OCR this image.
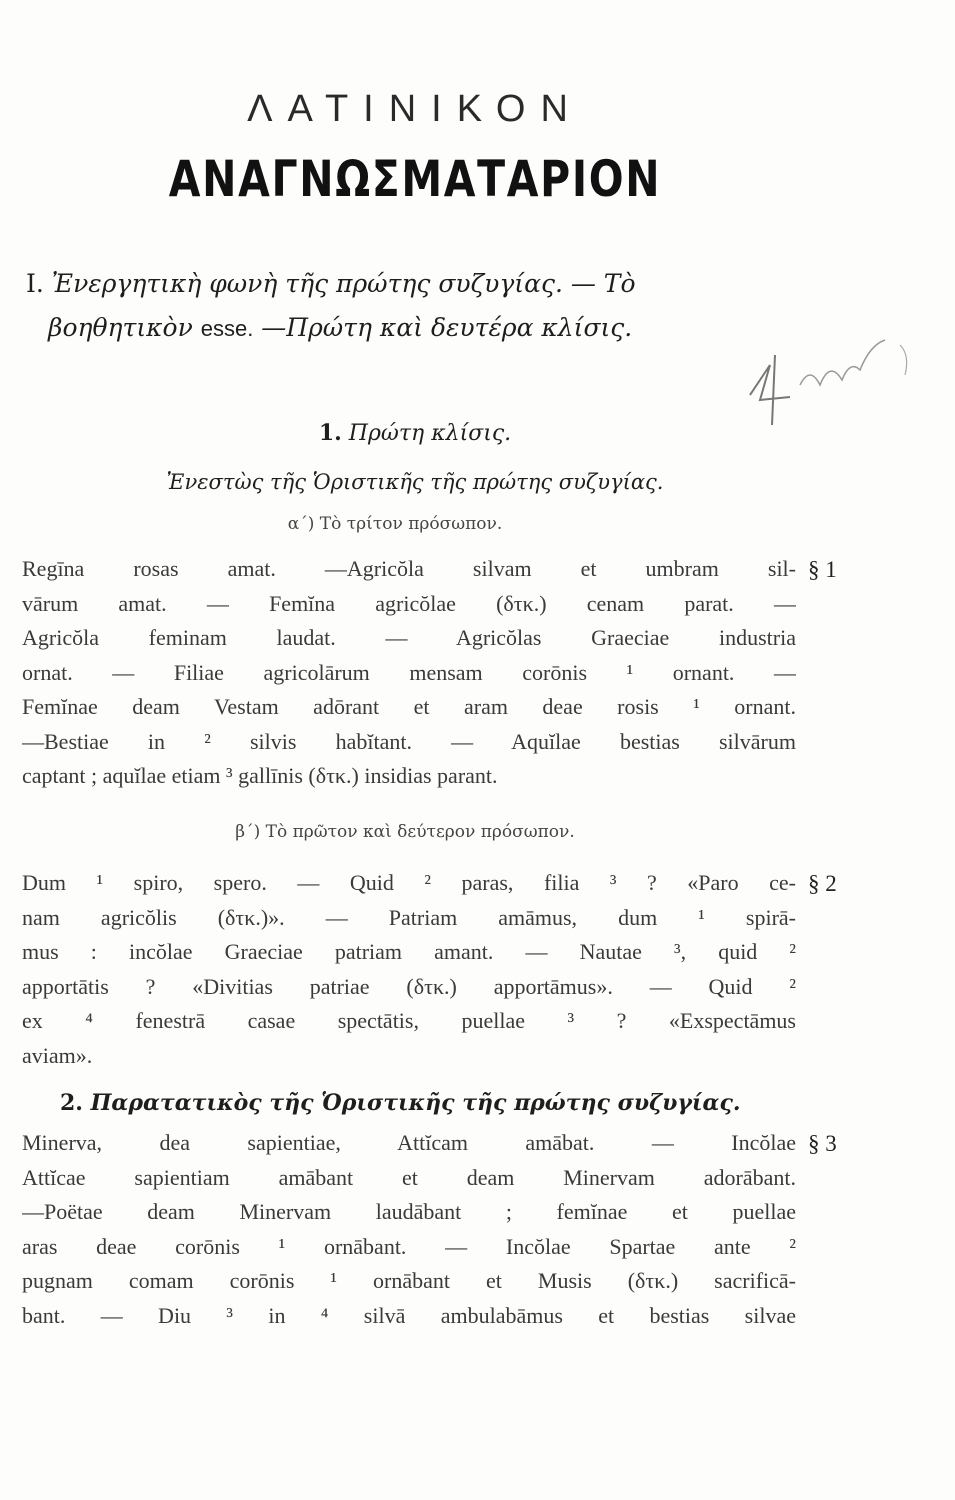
ΛΑΤΙΝΙΚΟΝ
ΑΝΑΓΝΩΣΜΑΤΑΡΙΟΝ
I. Ἐνεργητικὴ φωνὴ τῆς πρώτης συζυγίας. — Τὸ
βοηθητικὸν esse. —Πρώτη καὶ δευτέρα κλίσις.
1. Πρώτη κλίσις.
Ἐνεστὼς τῆς Ὁριστικῆς τῆς πρώτης συζυγίας.
α´) Τὸ τρίτον πρόσωπον.
Regīna rosas amat. —Agricŏla silvam et umbram sil-
vārum amat. — Femĭna agricŏlae (δτκ.) cenam parat. —
Agricŏla feminam laudat. — Agricŏlas Graeciae industria
ornat. — Filiae agricolārum mensam corōnis ¹ ornant. —
Femĭnae deam Vestam adōrant et aram deae rosis ¹ ornant.
—Bestiae in ² silvis habĭtant. — Aquĭlae bestias silvārum
captant ; aquĭlae etiam ³ gallīnis (δτκ.) insidias parant.
§ 1
β´) Τὸ πρῶτον καὶ δεύτερον πρόσωπον.
Dum ¹ spiro, spero. — Quid ² paras, filia ³ ? «Paro ce-
nam agricŏlis (δτκ.)». — Patriam amāmus, dum ¹ spirā-
mus : incŏlae Graeciae patriam amant. — Nautae ³, quid ²
apportātis ? «Divitias patriae (δτκ.) apportāmus». — Quid ²
ex ⁴ fenestrā casae spectātis, puellae ³ ? «Exspectāmus
aviam».
§ 2
2. Παρατατικὸς τῆς Ὁριστικῆς τῆς πρώτης συζυγίας.
Minerva, dea sapientiae, Attĭcam amābat. — Incŏlae
Attĭcae sapientiam amābant et deam Minervam adorābant.
—Poëtae deam Minervam laudābant ; femĭnae et puellae
aras deae corōnis ¹ ornābant. — Incŏlae Spartae ante ²
pugnam comam corōnis ¹ ornābant et Musis (δτκ.) sacrificā-
bant. — Diu ³ in ⁴ silvā ambulabāmus et bestias silvae
§ 3
